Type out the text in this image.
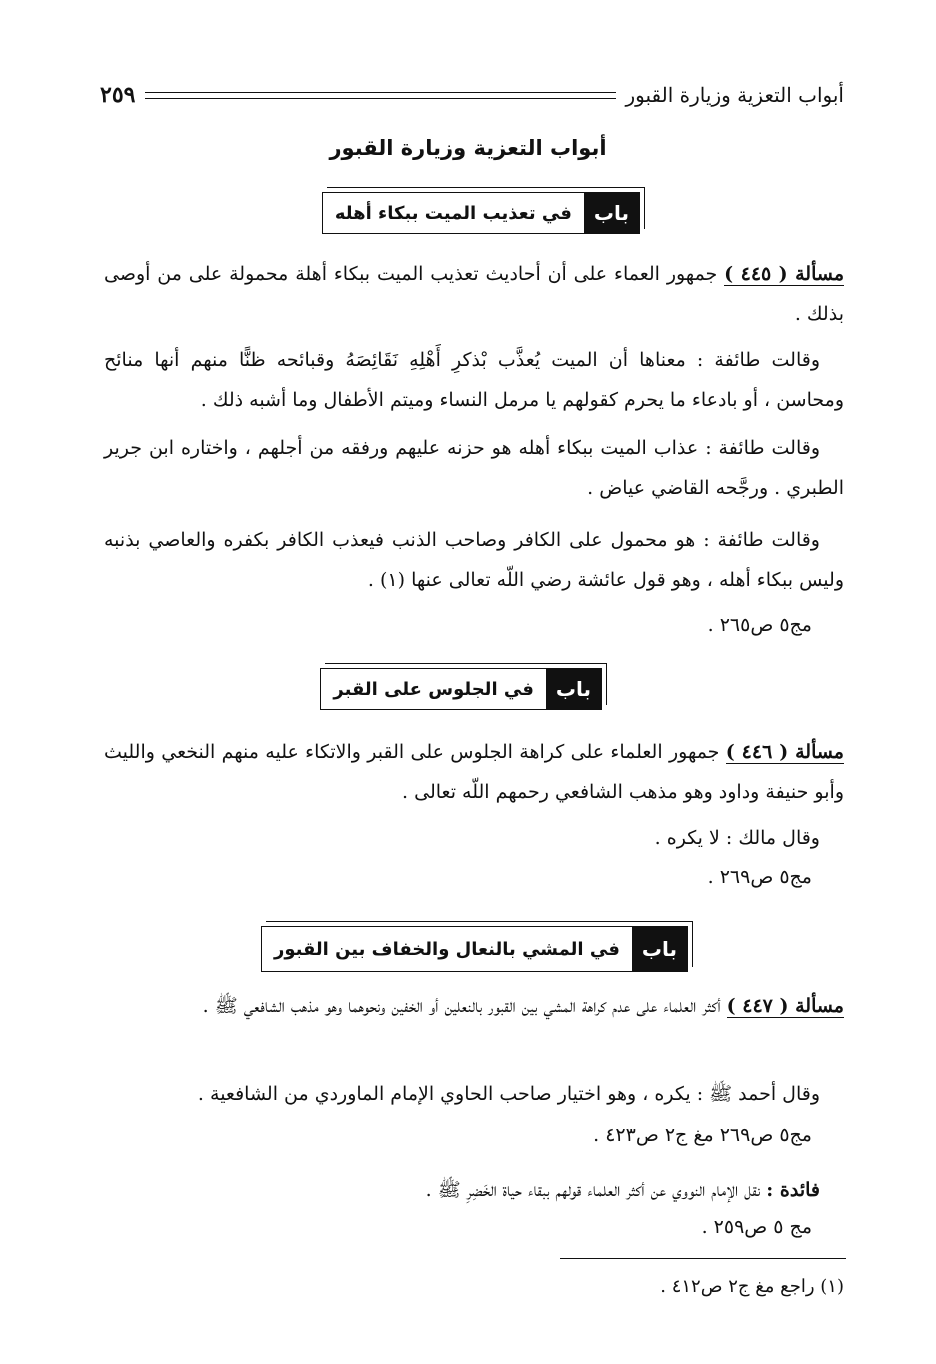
أبواب التعزية وزيارة القبور
٢٥٩
أبواب التعزية وزيارة القبور
باب
في تعذيب الميت ببكاء أهله
مسألة ( ٤٤٥ ) جمهور العماء على أن أحاديث تعذيب الميت ببكاء أهلة محمولة على من أوصى بذلك .
وقالت طائفة : معناها أن الميت يُعذَّب بْذكرِ أَهْلِهِ نَقَائِصَهُ وقبائحه ظنًّا منهم أنها منائح ومحاسن ، أو بادعاء ما يحرم كقولهم يا مرمل النساء وميتم الأطفال وما أشبه ذلك .
وقالت طائفة : عذاب الميت ببكاء أهله هو حزنه عليهم ورفقه من أجلهم ، واختاره ابن جرير الطبري . ورجَّحه القاضي عياض .
وقالت طائفة : هو محمول على الكافر وصاحب الذنب فيعذب الكافر بكفره والعاصي بذنبه وليس ببكاء أهله ، وهو قول عائشة رضي اللّه تعالى عنها (١) .
مج٥ ص٢٦٥ .
باب
في الجلوس على القبر
مسألة ( ٤٤٦ ) جمهور العلماء على كراهة الجلوس على القبر والاتكاء عليه منهم النخعي والليث وأبو حنيفة وداود وهو مذهب الشافعي رحمهم اللّه تعالى .
وقال مالك : لا يكره .
مج٥ ص٢٦٩ .
باب
في المشي بالنعال والخفاف بين القبور
مسألة ( ٤٤٧ ) أكثر العلماء على عدم كراهة المشي بين القبور بالنعلين أو الخفين ونحوهما وهو مذهب الشافعي ﷺ .
وقال أحمد ﷺ : يكره ، وهو اختيار صاحب الحاوي الإمام الماوردي من الشافعية .
مج٥ ص٢٦٩ مغ ج٢ ص٤٢٣ .
فائدة : نقل الإمام النووي عن أكثر العلماء قولهم ببقاء حياة الخَضِرِ ﷺ .
مج ٥ ص٢٥٩ .
(١) راجع مغ ج٢ ص٤١٢ .
